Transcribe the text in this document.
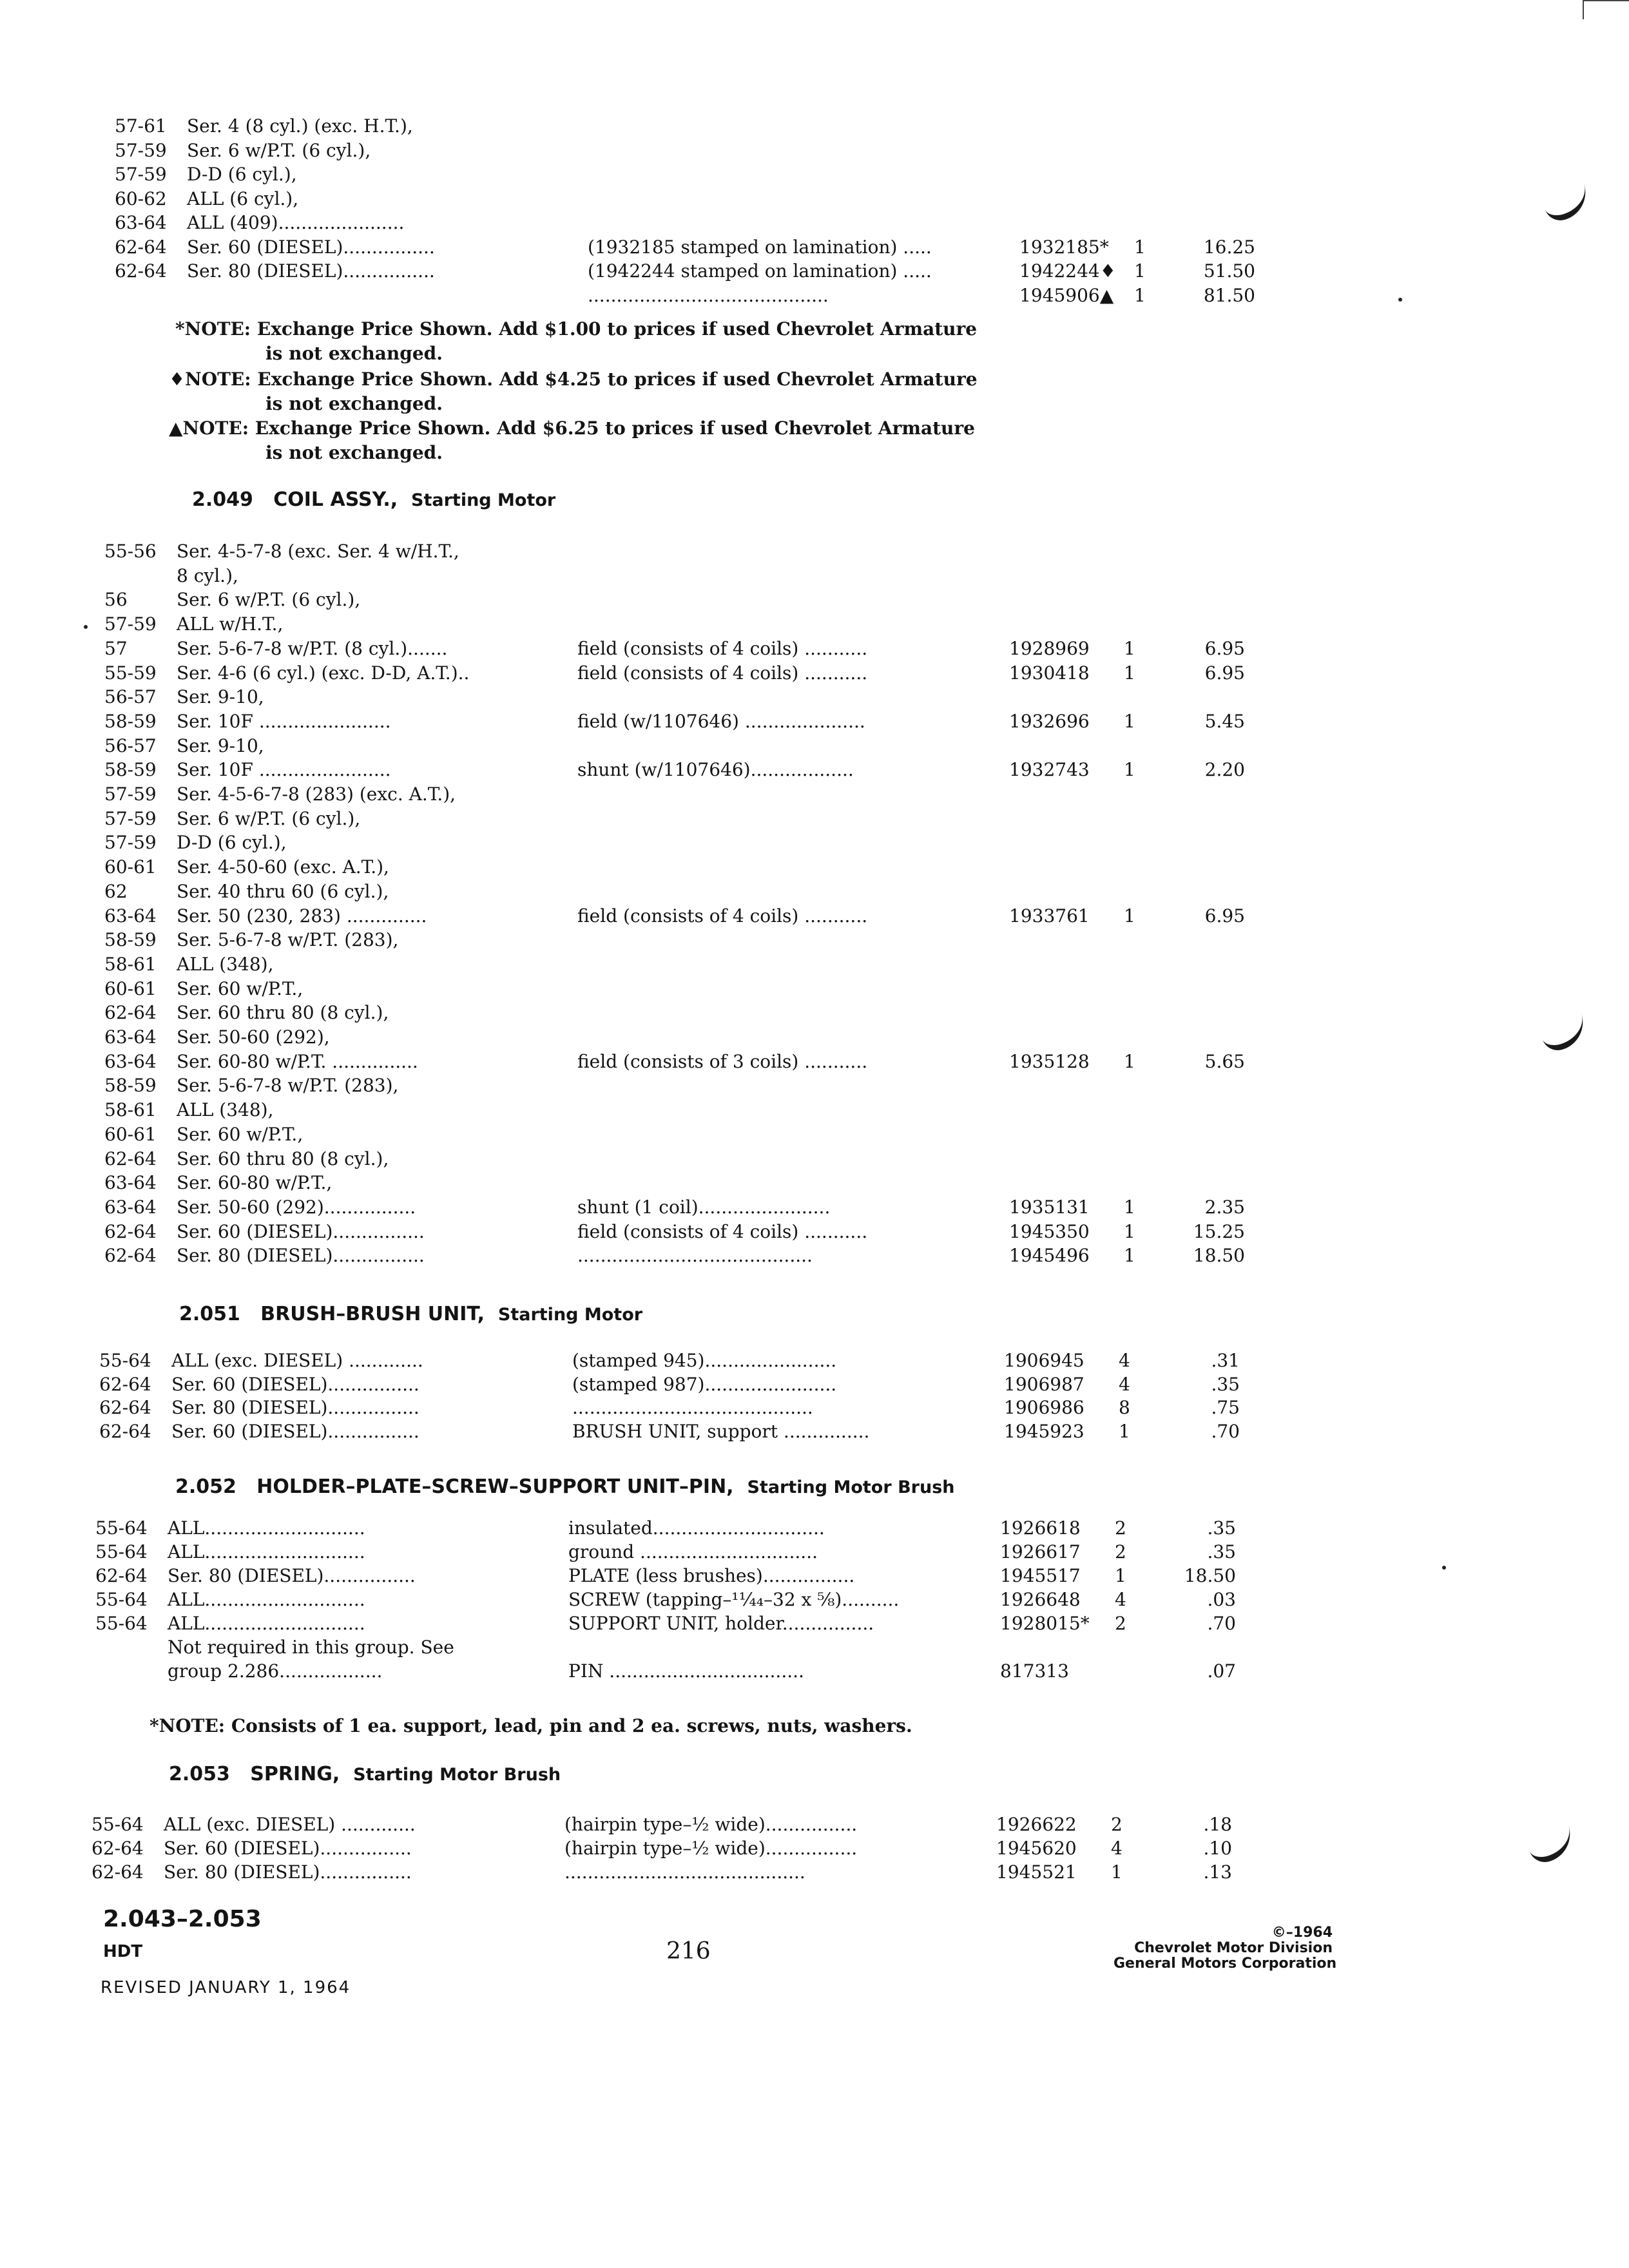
57-61 Ser. 4 (8 cyl.) (exc. H.T.),
57-59 Ser. 6 w/P.T. (6 cyl.),
57-59 D-D (6 cyl.),
60-62 ALL (6 cyl.),
63-64 ALL (409)......................
62-64 Ser. 60 (DIESEL)................	(1932185 stamped on lamination) .....	1932185* 1	16.25
62-64 Ser. 80 (DIESEL)................	(1942244 stamped on lamination) .....	1942244♦ 1	51.50
..........................................	1945906▲ 1	81.50
*NOTE: Exchange Price Shown. Add $1.00 to prices if used Chevrolet Armature
is not exchanged.
♦NOTE: Exchange Price Shown. Add $4.25 to prices if used Chevrolet Armature
is not exchanged.
▲NOTE: Exchange Price Shown. Add $6.25 to prices if used Chevrolet Armature
is not exchanged.
2.049 COIL ASSY., Starting Motor
55-56 Ser. 4-5-7-8 (exc. Ser. 4 w/H.T.,
8 cyl.),
56	Ser. 6 w/P.T. (6 cyl.),
57-59 ALL w/H.T.,
57	Ser. 5-6-7-8 w/P.T. (8 cyl.).......	field (consists of 4 coils) ...........	1928969 1	6.95
55-59 Ser. 4-6 (6 cyl.) (exc. D-D, A.T.)..	field (consists of 4 coils) ...........	1930418 1	6.95
56-57 Ser. 9-10,
58-59 Ser. 10F .......................	field (w/1107646) .....................	1932696 1	5.45
56-57 Ser. 9-10,
58-59 Ser. 10F .......................	shunt (w/1107646)..................	1932743 1	2.20
57-59 Ser. 4-5-6-7-8 (283) (exc. A.T.),
57-59 Ser. 6 w/P.T. (6 cyl.),
57-59 D-D (6 cyl.),
60-61 Ser. 4-50-60 (exc. A.T.),
62	Ser. 40 thru 60 (6 cyl.),
63-64 Ser. 50 (230, 283) ..............	field (consists of 4 coils) ...........	1933761 1	6.95
58-59 Ser. 5-6-7-8 w/P.T. (283),
58-61 ALL (348),
60-61 Ser. 60 w/P.T.,
62-64 Ser. 60 thru 80 (8 cyl.),
63-64 Ser. 50-60 (292),
63-64 Ser. 60-80 w/P.T. ...............	field (consists of 3 coils) ...........	1935128 1	5.65
58-59 Ser. 5-6-7-8 w/P.T. (283),
58-61 ALL (348),
60-61 Ser. 60 w/P.T.,
62-64 Ser. 60 thru 80 (8 cyl.),
63-64 Ser. 60-80 w/P.T.,
63-64 Ser. 50-60 (292)................	shunt (1 coil).......................	1935131 1	2.35
62-64 Ser. 60 (DIESEL)................	field (consists of 4 coils) ...........	1945350 1	15.25
62-64 Ser. 80 (DIESEL)................	.........................................	1945496 1	18.50
2.051 BRUSH–BRUSH UNIT, Starting Motor
55-64 ALL (exc. DIESEL) .............	(stamped 945).......................	1906945 4	.31
62-64 Ser. 60 (DIESEL)................	(stamped 987).......................	1906987 4	.35
62-64 Ser. 80 (DIESEL)................	..........................................	1906986 8	.75
62-64 Ser. 60 (DIESEL)................	BRUSH UNIT, support ...............	1945923 1	.70
2.052 HOLDER–PLATE–SCREW–SUPPORT UNIT–PIN, Starting Motor Brush
55-64 ALL............................	insulated..............................	1926618 2	.35
55-64 ALL............................	ground ...............................	1926617 2	.35
62-64 Ser. 80 (DIESEL)................	PLATE (less brushes)................	1945517 1	18.50
55-64 ALL............................	SCREW (tapping–¹¼₄–32 x ⅝)..........	1926648 4	.03
55-64 ALL............................	SUPPORT UNIT, holder................	1928015* 2	.70
Not required in this group. See
group 2.286..................	PIN ..................................	817313	.07
*NOTE: Consists of 1 ea. support, lead, pin and 2 ea. screws, nuts, washers.
2.053 SPRING, Starting Motor Brush
55-64 ALL (exc. DIESEL) .............	(hairpin type–½ wide)................	1926622 2	.18
62-64 Ser. 60 (DIESEL)................	(hairpin type–½ wide)................	1945620 4	.10
62-64 Ser. 80 (DIESEL)................	..........................................	1945521 1	.13
2.043–2.053
HDT
REVISED JANUARY 1, 1964
216
©–1964
Chevrolet Motor Division
General Motors Corporation
